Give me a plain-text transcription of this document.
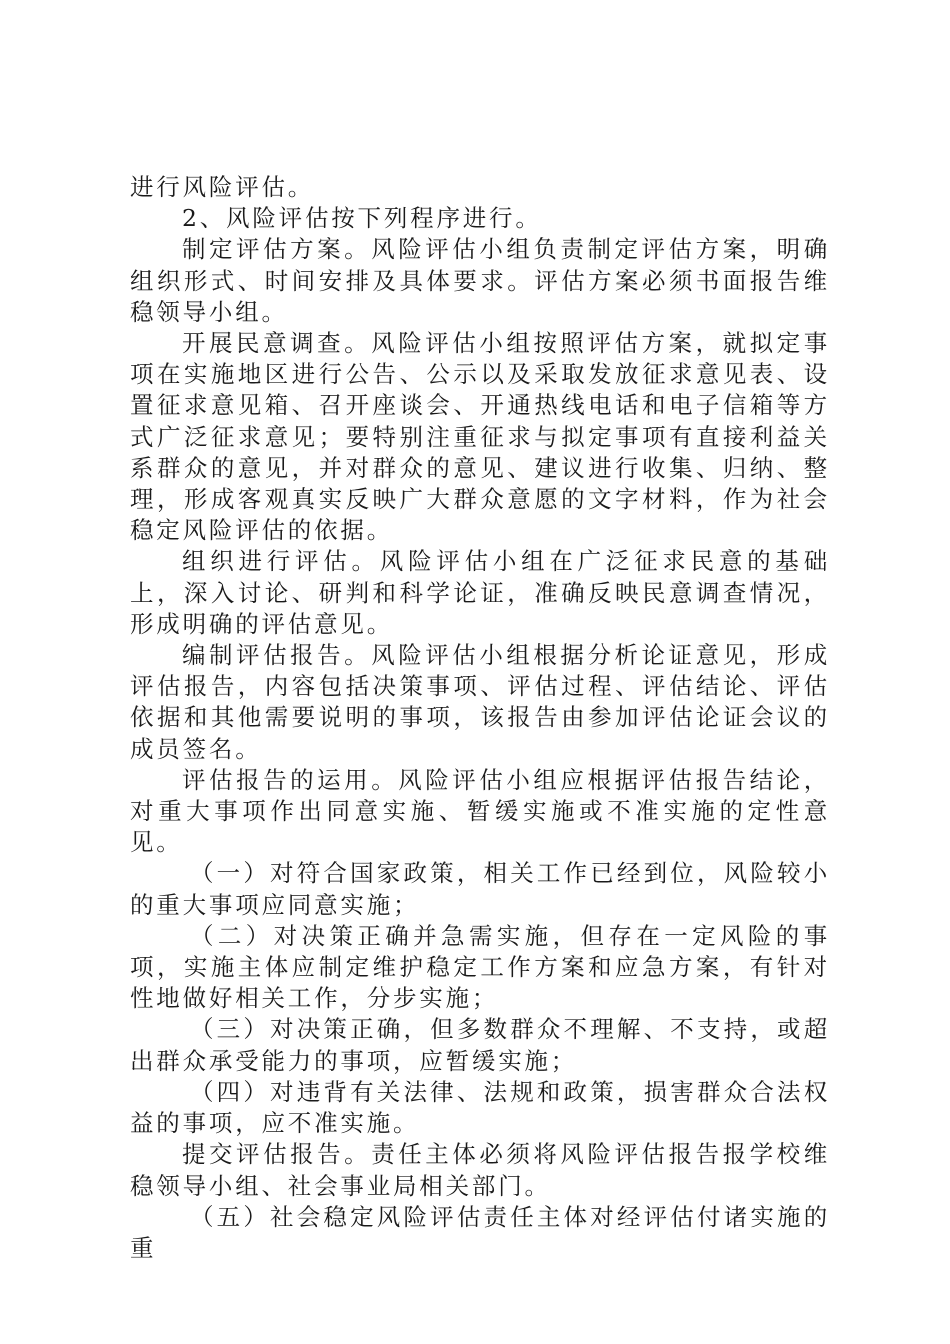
进行风险评估。

2、风险评估按下列程序进行。

制定评估方案。风险评估小组负责制定评估方案，明确组织形式、时间安排及具体要求。评估方案必须书面报告维稳领导小组。

开展民意调查。风险评估小组按照评估方案，就拟定事项在实施地区进行公告、公示以及采取发放征求意见表、设置征求意见箱、召开座谈会、开通热线电话和电子信箱等方式广泛征求意见；要特别注重征求与拟定事项有直接利益关系群众的意见，并对群众的意见、建议进行收集、归纳、整理，形成客观真实反映广大群众意愿的文字材料，作为社会稳定风险评估的依据。

组织进行评估。风险评估小组在广泛征求民意的基础上，深入讨论、研判和科学论证，准确反映民意调查情况，形成明确的评估意见。

编制评估报告。风险评估小组根据分析论证意见，形成评估报告，内容包括决策事项、评估过程、评估结论、评估依据和其他需要说明的事项，该报告由参加评估论证会议的成员签名。

评估报告的运用。风险评估小组应根据评估报告结论，对重大事项作出同意实施、暂缓实施或不准实施的定性意见。

（一）对符合国家政策，相关工作已经到位，风险较小的重大事项应同意实施；

（二）对决策正确并急需实施，但存在一定风险的事项，实施主体应制定维护稳定工作方案和应急方案，有针对性地做好相关工作，分步实施；

（三）对决策正确，但多数群众不理解、不支持，或超出群众承受能力的事项，应暂缓实施；

（四）对违背有关法律、法规和政策，损害群众合法权益的事项，应不准实施。

提交评估报告。责任主体必须将风险评估报告报学校维稳领导小组、社会事业局相关部门。

（五）社会稳定风险评估责任主体对经评估付诸实施的重
